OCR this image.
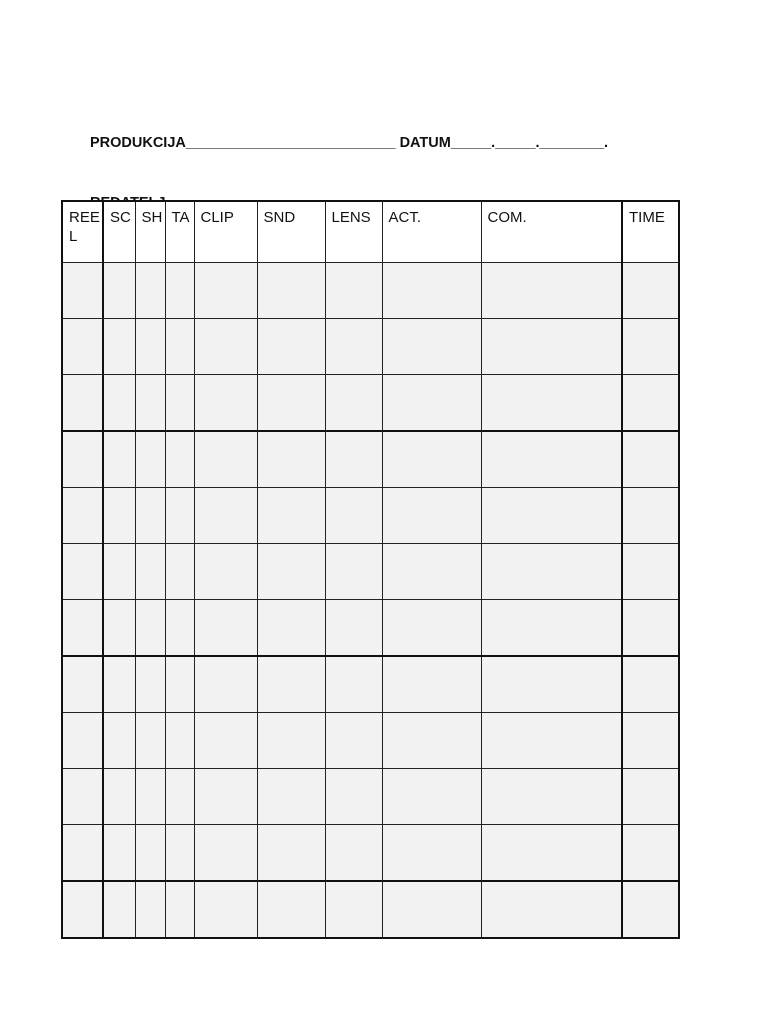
PRODUKCIJA__________________________ DATUM_____._____.________.

REEL	SC	SH	TA	CLIP	SND	LENS	ACT.	COM.	TIME
